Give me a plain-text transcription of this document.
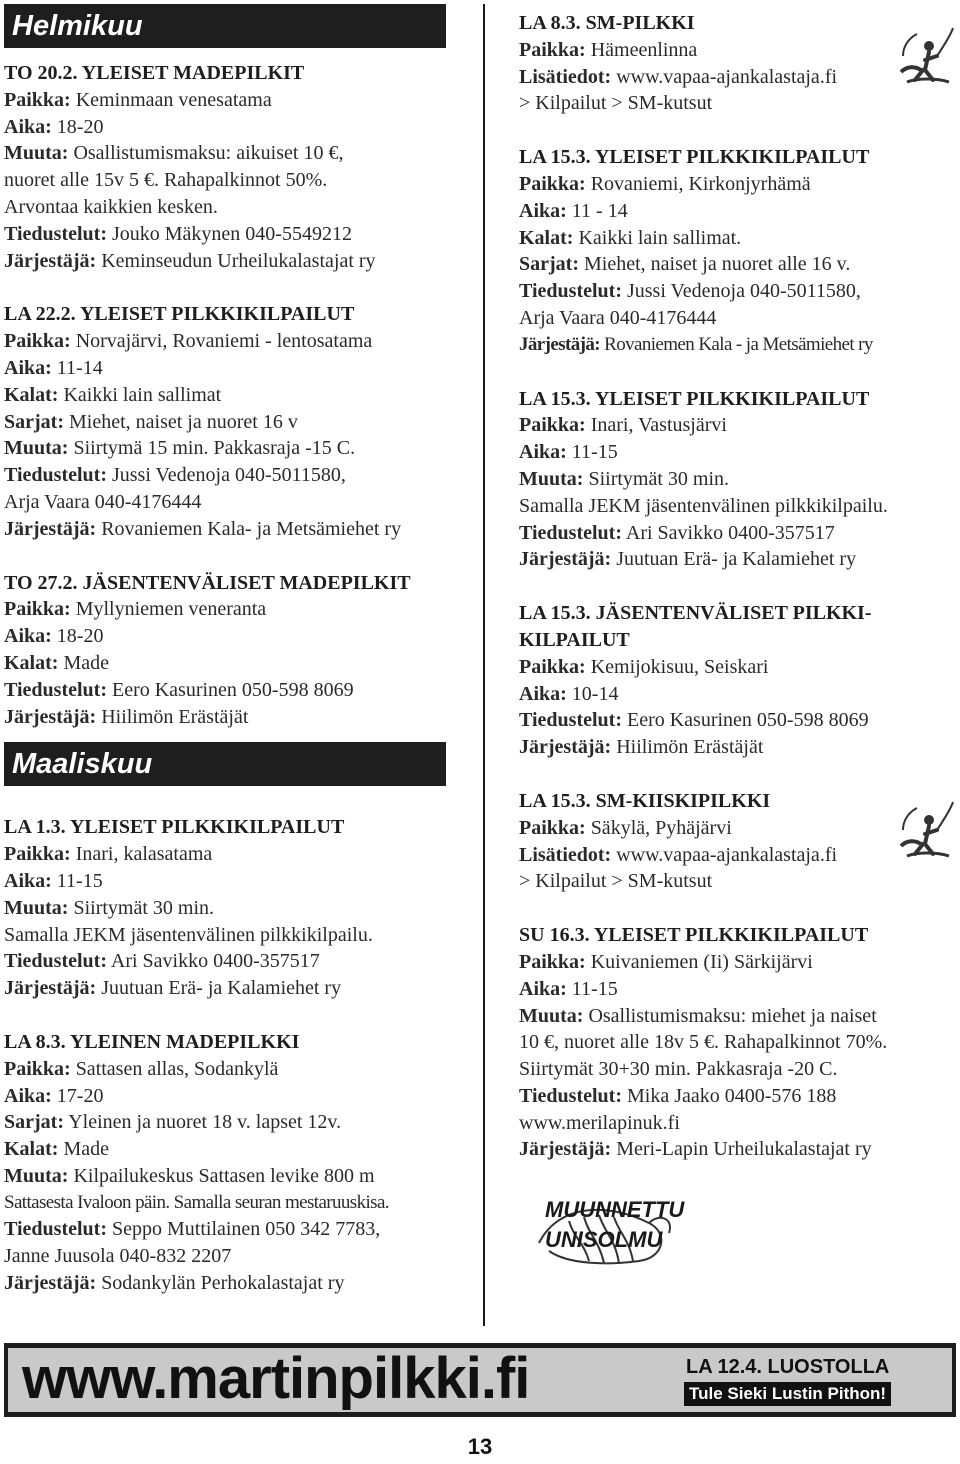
Helmikuu
TO 20.2. YLEISET MADEPILKIT
Paikka: Keminmaan venesatama
Aika: 18-20
Muuta: Osallistumismaksu: aikuiset 10 €,
nuoret alle 15v 5 €. Rahapalkinnot 50%.
Arvontaa kaikkien kesken.
Tiedustelut: Jouko Mäkynen 040-5549212
Järjestäjä: Keminseudun Urheilukalastajat ry
LA 22.2. YLEISET PILKKIKILPAILUT
Paikka: Norvajärvi, Rovaniemi - lentosatama
Aika: 11-14
Kalat: Kaikki lain sallimat
Sarjat: Miehet, naiset ja nuoret 16 v
Muuta: Siirtymä 15 min. Pakkasraja -15 C.
Tiedustelut: Jussi Vedenoja 040-5011580,
Arja Vaara 040-4176444
Järjestäjä: Rovaniemen Kala- ja Metsämiehet ry
TO 27.2. JÄSENTENVÄLISET MADEPILKIT
Paikka: Myllyniemen veneranta
Aika: 18-20
Kalat: Made
Tiedustelut: Eero Kasurinen 050-598 8069
Järjestäjä: Hiilimön Erästäjät
Maaliskuu
LA 1.3. YLEISET PILKKIKILPAILUT
Paikka: Inari, kalasatama
Aika: 11-15
Muuta: Siirtymät 30 min.
Samalla JEKM jäsentenvälinen pilkkikilpailu.
Tiedustelut: Ari Savikko 0400-357517
Järjestäjä: Juutuan Erä- ja Kalamiehet ry
LA 8.3. YLEINEN MADEPILKKI
Paikka: Sattasen allas, Sodankylä
Aika: 17-20
Sarjat: Yleinen ja nuoret 18 v. lapset 12v.
Kalat: Made
Muuta: Kilpailukeskus Sattasen levike 800 m
Sattasesta Ivaloon päin. Samalla seuran mestaruuskisa.
Tiedustelut: Seppo Muttilainen 050 342 7783,
Janne Juusola 040-832 2207
Järjestäjä: Sodankylän Perhokalastajat ry
LA 8.3. SM-PILKKI
Paikka: Hämeenlinna
Lisätiedot: www.vapaa-ajankalastaja.fi
> Kilpailut > SM-kutsut
LA 15.3. YLEISET PILKKIKILPAILUT
Paikka: Rovaniemi, Kirkonjyrhämä
Aika: 11 - 14
Kalat: Kaikki lain sallimat.
Sarjat: Miehet, naiset ja nuoret alle 16 v.
Tiedustelut: Jussi Vedenoja 040-5011580,
Arja Vaara 040-4176444
Järjestäjä: Rovaniemen Kala - ja Metsämiehet ry
LA 15.3. YLEISET PILKKIKILPAILUT
Paikka: Inari, Vastusjärvi
Aika: 11-15
Muuta: Siirtymät 30 min.
Samalla JEKM jäsentenvälinen pilkkikilpailu.
Tiedustelut: Ari Savikko 0400-357517
Järjestäjä: Juutuan Erä- ja Kalamiehet ry
LA 15.3. JÄSENTENVÄLISET PILKKI-
KILPAILUT
Paikka: Kemijokisuu, Seiskari
Aika: 10-14
Tiedustelut: Eero Kasurinen 050-598 8069
Järjestäjä: Hiilimön Erästäjät
LA 15.3. SM-KIISKIPILKKI
Paikka: Säkylä, Pyhäjärvi
Lisätiedot: www.vapaa-ajankalastaja.fi
> Kilpailut > SM-kutsut
SU 16.3. YLEISET PILKKIKILPAILUT
Paikka: Kuivaniemen (Ii) Särkijärvi
Aika: 11-15
Muuta: Osallistumismaksu: miehet ja naiset
10 €, nuoret alle 18v 5 €. Rahapalkinnot 70%.
Siirtymät 30+30 min. Pakkasraja -20 C.
Tiedustelut: Mika Jaako 0400-576 188
www.merilapinuk.fi
Järjestäjä: Meri-Lapin Urheilukalastajat ry
MUUNNETTU
UNISOLMU
www.martinpilkki.fi	LA 12.4. LUOSTOLLA
Tule Sieki Lustin Pithon!
13
